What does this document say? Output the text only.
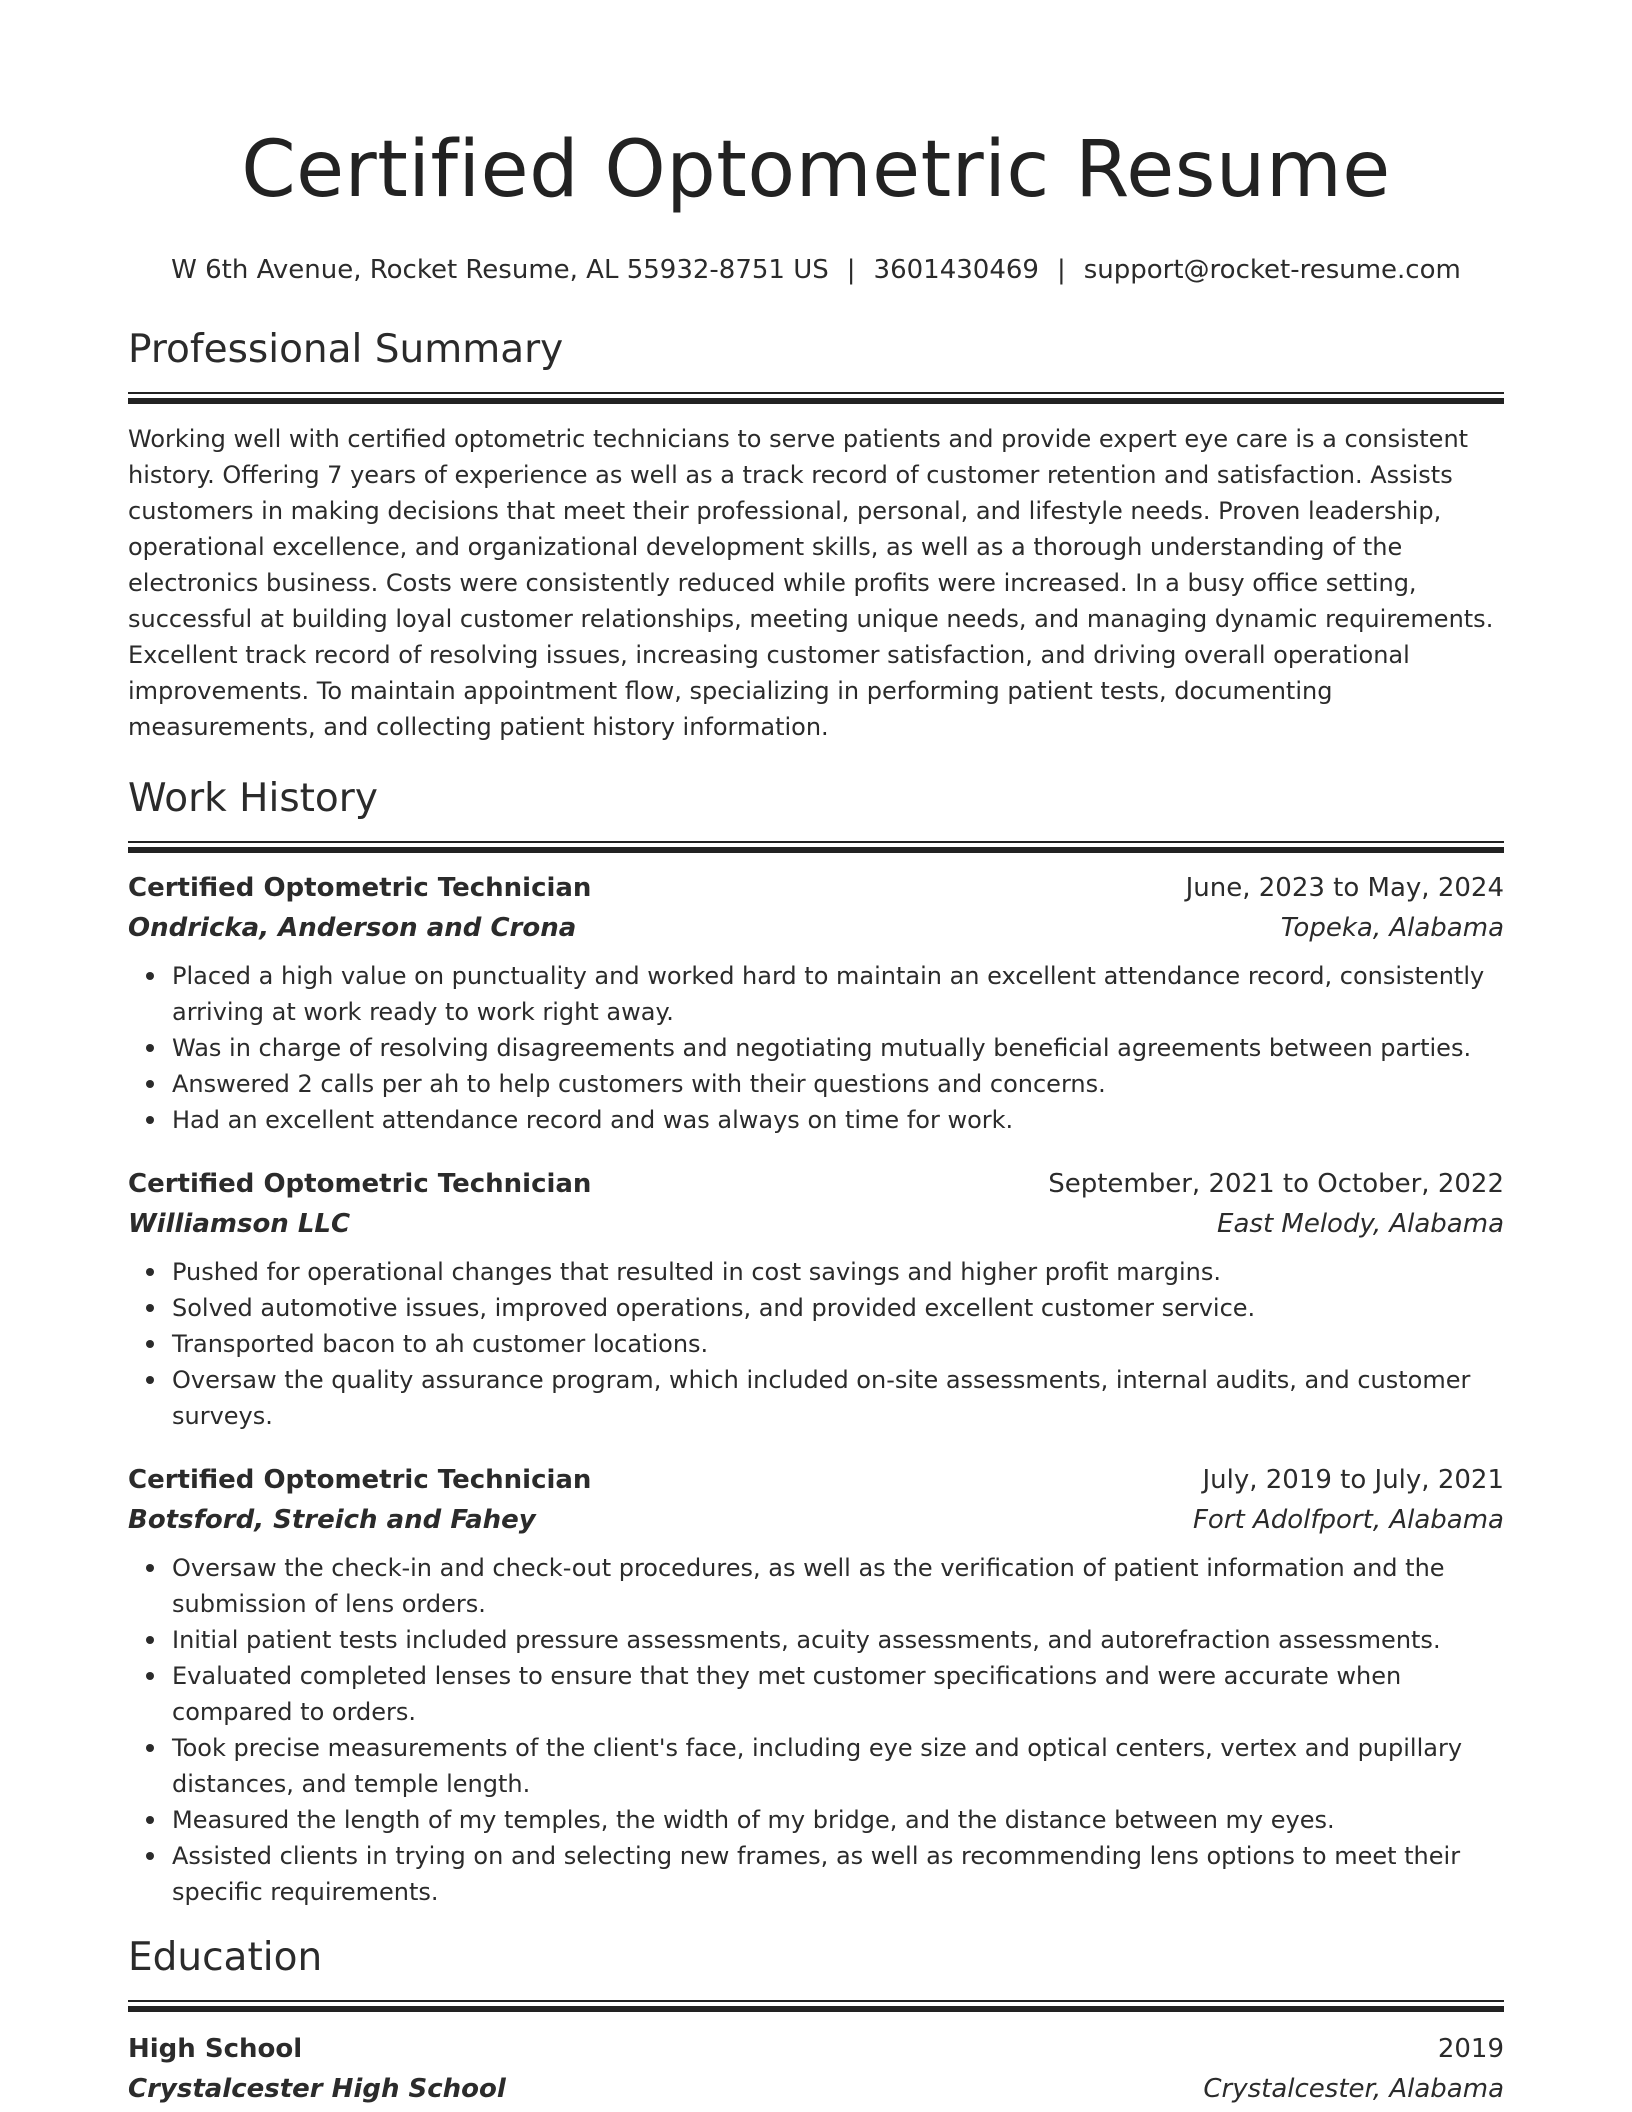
Certified Optometric Resume
W 6th Avenue, Rocket Resume, AL 55932-8751 US | 3601430469 | support@rocket-resume.com
Professional Summary

Working well with certified optometric technicians to serve patients and provide expert eye care is a consistent history. Offering 7 years of experience as well as a track record of customer retention and satisfaction. Assists customers in making decisions that meet their professional, personal, and lifestyle needs. Proven leadership, operational excellence, and organizational development skills, as well as a thorough understanding of the electronics business. Costs were consistently reduced while profits were increased. In a busy office setting, successful at building loyal customer relationships, meeting unique needs, and managing dynamic requirements. Excellent track record of resolving issues, increasing customer satisfaction, and driving overall operational improvements. To maintain appointment flow, specializing in performing patient tests, documenting measurements, and collecting patient history information.

Work History
Certified Optometric Technician	June, 2023 to May, 2024
Ondricka, Anderson and Crona	Topeka, Alabama
Placed a high value on punctuality and worked hard to maintain an excellent attendance record, consistently arriving at work ready to work right away.
Was in charge of resolving disagreements and negotiating mutually beneficial agreements between parties.
Answered 2 calls per ah to help customers with their questions and concerns.
Had an excellent attendance record and was always on time for work.
Certified Optometric Technician	September, 2021 to October, 2022
Williamson LLC	East Melody, Alabama
Pushed for operational changes that resulted in cost savings and higher profit margins.
Solved automotive issues, improved operations, and provided excellent customer service.
Transported bacon to ah customer locations.
Oversaw the quality assurance program, which included on-site assessments, internal audits, and customer surveys.
Certified Optometric Technician	July, 2019 to July, 2021
Botsford, Streich and Fahey	Fort Adolfport, Alabama
Oversaw the check-in and check-out procedures, as well as the verification of patient information and the submission of lens orders.
Initial patient tests included pressure assessments, acuity assessments, and autorefraction assessments.
Evaluated completed lenses to ensure that they met customer specifications and were accurate when compared to orders.
Took precise measurements of the client's face, including eye size and optical centers, vertex and pupillary distances, and temple length.
Measured the length of my temples, the width of my bridge, and the distance between my eyes.
Assisted clients in trying on and selecting new frames, as well as recommending lens options to meet their specific requirements.
Education
High School	2019
Crystalcester High School	Crystalcester, Alabama
